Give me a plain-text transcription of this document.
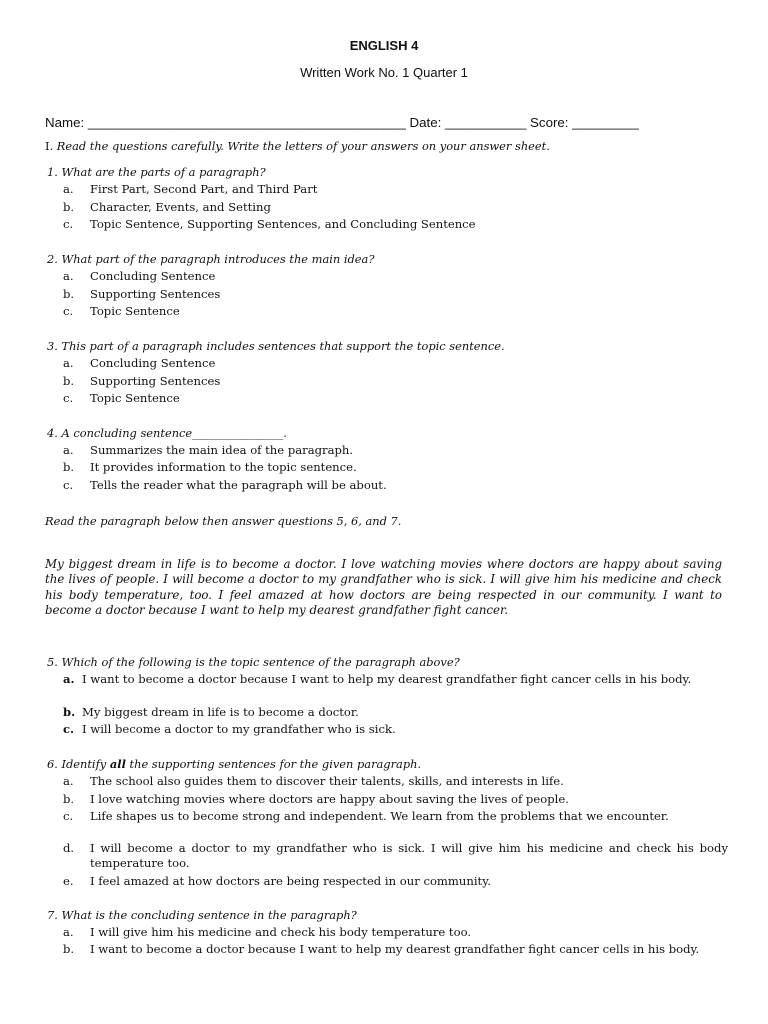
ENGLISH 4
Written Work No. 1 Quarter 1
Name: ___________________________________________ Date: ___________ Score: _________
I. Read the questions carefully. Write the letters of your answers on your answer sheet.
1. What are the parts of a paragraph?
a.	First Part, Second Part, and Third Part
b.	Character, Events, and Setting
c.	Topic Sentence, Supporting Sentences, and Concluding Sentence
2. What part of the paragraph introduces the main idea?
a.	Concluding Sentence
b.	Supporting Sentences
c.	Topic Sentence
3. This part of a paragraph includes sentences that support the topic sentence.
a.	Concluding Sentence
b.	Supporting Sentences
c.	Topic Sentence
4. A concluding sentence________________.
a.	Summarizes the main idea of the paragraph.
b.	It provides information to the topic sentence.
c.	Tells the reader what the paragraph will be about.
Read the paragraph below then answer questions 5, 6, and 7.
My biggest dream in life is to become a doctor. I love watching movies where doctors are happy about saving the lives of people. I will become a doctor to my grandfather who is sick. I will give him his medicine and check his body temperature, too. I feel amazed at how doctors are being respected in our community. I want to become a doctor because I want to help my dearest grandfather fight cancer.
5. Which of the following is the topic sentence of the paragraph above?
a. I want to become a doctor because I want to help my dearest grandfather fight cancer cells in his body.
b. My biggest dream in life is to become a doctor.
c. I will become a doctor to my grandfather who is sick.
6. Identify all the supporting sentences for the given paragraph.
a.	The school also guides them to discover their talents, skills, and interests in life.
b.	I love watching movies where doctors are happy about saving the lives of people.
c.	Life shapes us to become strong and independent. We learn from the problems that we encounter.
d.	I will become a doctor to my grandfather who is sick. I will give him his medicine and check his body temperature too.
e.	I feel amazed at how doctors are being respected in our community.
7. What is the concluding sentence in the paragraph?
a.	I will give him his medicine and check his body temperature too.
b.	I want to become a doctor because I want to help my dearest grandfather fight cancer cells in his body.
